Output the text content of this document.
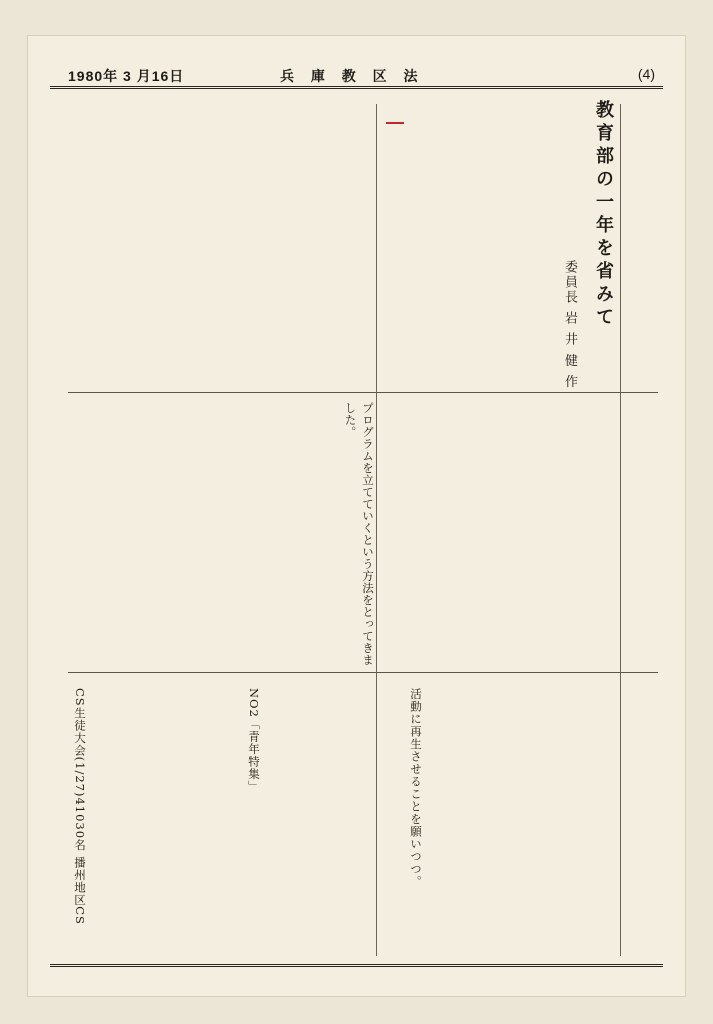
1980年 3 月16日	兵 庫 教 区 法	(4)
教育部の一年を省みて
委員長 岩 井 健 作
プログラムを立てていくという方法をとってきました。
CS生徒大会(1/27)41030名 播州地区CS	NO2「青年特集」	活動に再生させることを願いつつ。
